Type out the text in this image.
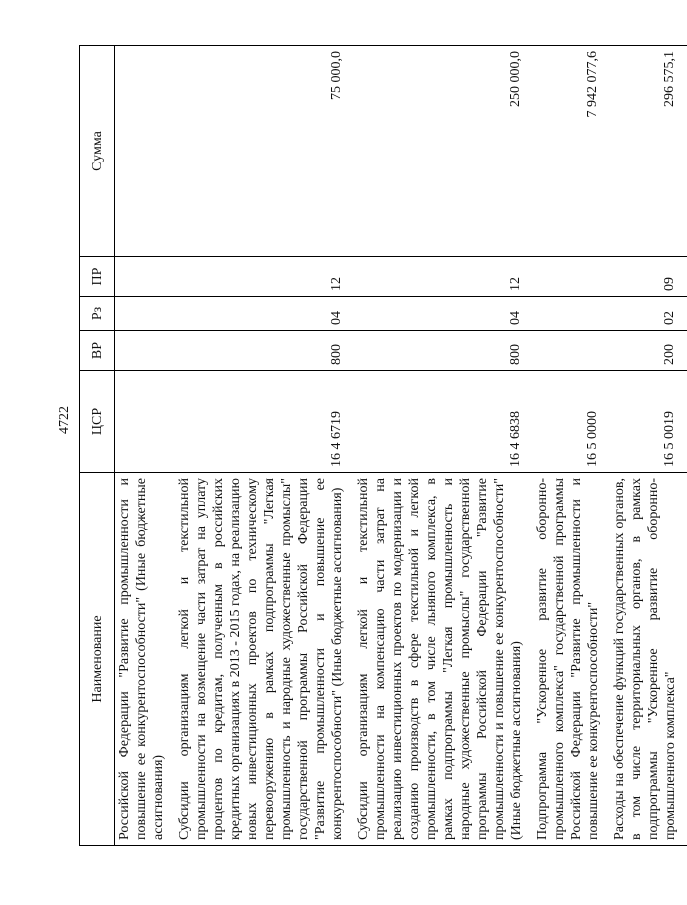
4722
Наименование	ЦСР	ВР	Рз	ПР	Сумма
Российской Федерации "Развитие промышленности и повышение ее конкурентоспособности" (Иные бюджетные ассигнования)					
Субсидии организациям легкой и текстильной промышленности на возмещение части затрат на уплату процентов по кредитам, полученным в российских кредитных организациях в 2013 - 2015 годах, на реализацию новых инвестиционных проектов по техническому перевооружению в рамках подпрограммы "Легкая промышленность и народные художественные промыслы" государственной программы Российской Федерации "Развитие промышленности и повышение ее конкурентоспособности" (Иные бюджетные ассигнования)	16 4 6719	800	04	12	75 000,0
Субсидии организациям легкой и текстильной промышленности на компенсацию части затрат на реализацию инвестиционных проектов по модернизации и созданию производств в сфере текстильной и легкой промышленности, в том числе льняного комплекса, в рамках подпрограммы "Легкая промышленность и народные художественные промыслы" государственной программы Российской Федерации "Развитие промышленности и повышение ее конкурентоспособности" (Иные бюджетные ассигнования)	16 4 6838	800	04	12	250 000,0
Подпрограмма "Ускоренное развитие оборонно-промышленного комплекса" государственной программы Российской Федерации "Развитие промышленности и повышение ее конкурентоспособности"	16 5 0000				7 942 077,6
Расходы на обеспечение функций государственных органов, в том числе территориальных органов, в рамках подпрограммы "Ускоренное развитие оборонно-промышленного комплекса"	16 5 0019	200	02	09	296 575,1
